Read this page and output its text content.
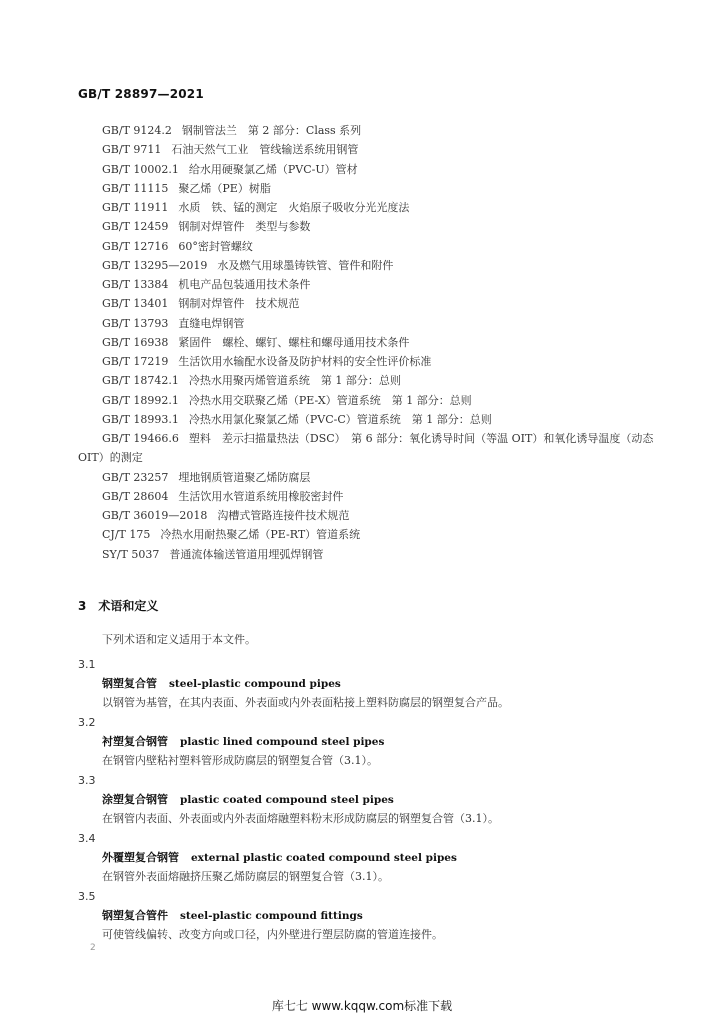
GB/T 28897—2021
GB/T 9124.2 钢制管法兰　第 2 部分：Class 系列
GB/T 9711 石油天然气工业　管线输送系统用钢管
GB/T 10002.1 给水用硬聚氯乙烯（PVC-U）管材
GB/T 11115 聚乙烯（PE）树脂
GB/T 11911 水质　铁、锰的测定　火焰原子吸收分光光度法
GB/T 12459 钢制对焊管件　类型与参数
GB/T 12716 60°密封管螺纹
GB/T 13295—2019 水及燃气用球墨铸铁管、管件和附件
GB/T 13384 机电产品包装通用技术条件
GB/T 13401 钢制对焊管件　技术规范
GB/T 13793 直缝电焊钢管
GB/T 16938 紧固件　螺栓、螺钉、螺柱和螺母通用技术条件
GB/T 17219 生活饮用水输配水设备及防护材料的安全性评价标准
GB/T 18742.1 冷热水用聚丙烯管道系统　第 1 部分：总则
GB/T 18992.1 冷热水用交联聚乙烯（PE-X）管道系统　第 1 部分：总则
GB/T 18993.1 冷热水用氯化聚氯乙烯（PVC-C）管道系统　第 1 部分：总则
GB/T 19466.6 塑料　差示扫描量热法（DSC）　第 6 部分：氧化诱导时间（等温 OIT）和氧化诱导温度（动态 OIT）的测定
GB/T 23257 埋地钢质管道聚乙烯防腐层
GB/T 28604 生活饮用水管道系统用橡胶密封件
GB/T 36019—2018 沟槽式管路连接件技术规范
CJ/T 175 冷热水用耐热聚乙烯（PE-RT）管道系统
SY/T 5037 普通流体输送管道用埋弧焊钢管
3 术语和定义
下列术语和定义适用于本文件。
3.1
钢塑复合管 steel-plastic compound pipes
以钢管为基管，在其内表面、外表面或内外表面粘接上塑料防腐层的钢塑复合产品。
3.2
衬塑复合钢管 plastic lined compound steel pipes
在钢管内壁粘衬塑料管形成防腐层的钢塑复合管（3.1）。
3.3
涂塑复合钢管 plastic coated compound steel pipes
在钢管内表面、外表面或内外表面熔融塑料粉末形成防腐层的钢塑复合管（3.1）。
3.4
外覆塑复合钢管 external plastic coated compound steel pipes
在钢管外表面熔融挤压聚乙烯防腐层的钢塑复合管（3.1）。
3.5
钢塑复合管件 steel-plastic compound fittings
可使管线偏转、改变方向或口径，内外壁进行塑层防腐的管道连接件。
2
库七七 www.kqqw.com标准下载
